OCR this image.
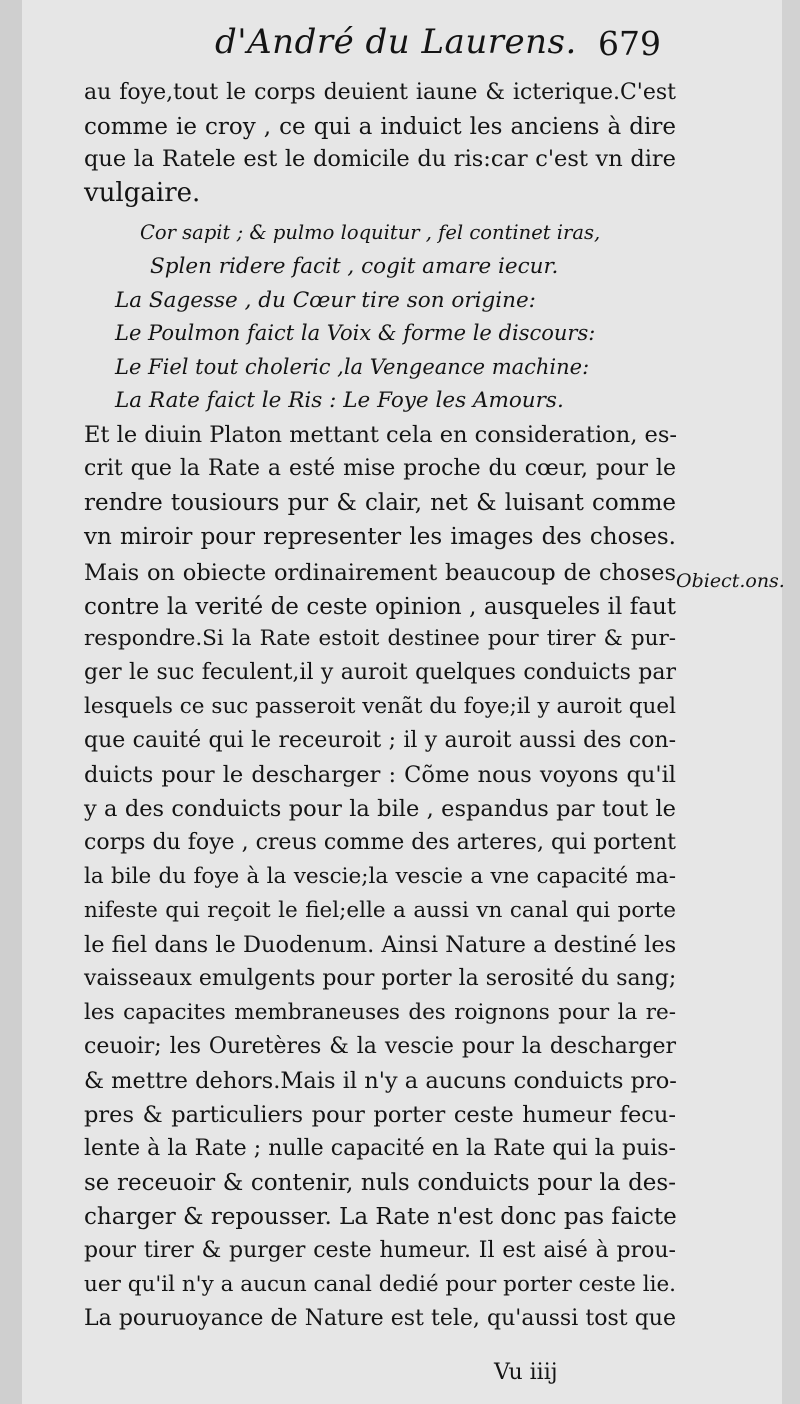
d'André du Laurens. 679
au foye,tout le corps deuient iaune & icterique.C'est
comme ie croy , ce qui a induict les anciens à dire
que la Ratele est le domicile du ris:car c'est vn dire
vulgaire.
Cor sapit ; & pulmo loquitur , fel continet iras,
Splen ridere facit , cogit amare iecur.
La Sagesse , du Cœur tire son origine:
Le Poulmon faict la Voix & forme le discours:
Le Fiel tout choleric ,la Vengeance machine:
La Rate faict le Ris : Le Foye les Amours.
Et le diuin Platon mettant cela en consideration, es-
crit que la Rate a esté mise proche du cœur, pour le
rendre tousiours pur & clair, net & luisant comme
vn miroir pour representer les images des choses.
Mais on obiecte ordinairement beaucoup de choses
contre la verité de ceste opinion , ausqueles il faut
respondre.Si la Rate estoit destinee pour tirer & pur-
ger le suc feculent,il y auroit quelques conduicts par
lesquels ce suc passeroit venãt du foye;il y auroit quel
que cauité qui le receuroit ; il y auroit aussi des con-
duicts pour le descharger : Cõme nous voyons qu'il
y a des conduicts pour la bile , espandus par tout le
corps du foye , creus comme des arteres, qui portent
la bile du foye à la vescie;la vescie a vne capacité ma-
nifeste qui reçoit le fiel;elle a aussi vn canal qui porte
le fiel dans le Duodenum. Ainsi Nature a destiné les
vaisseaux emulgents pour porter la serosité du sang;
les capacites membraneuses des roignons pour la re-
ceuoir; les Ouretères & la vescie pour la descharger
& mettre dehors.Mais il n'y a aucuns conduicts pro-
pres & particuliers pour porter ceste humeur fecu-
lente à la Rate ; nulle capacité en la Rate qui la puis-
se receuoir & contenir, nuls conduicts pour la des-
charger & repousser. La Rate n'est donc pas faicte
pour tirer & purger ceste humeur. Il est aisé à prou-
uer qu'il n'y a aucun canal dedié pour porter ceste lie.
La pouruoyance de Nature est tele, qu'aussi tost que
Obiect.ons.
Vu iiij
